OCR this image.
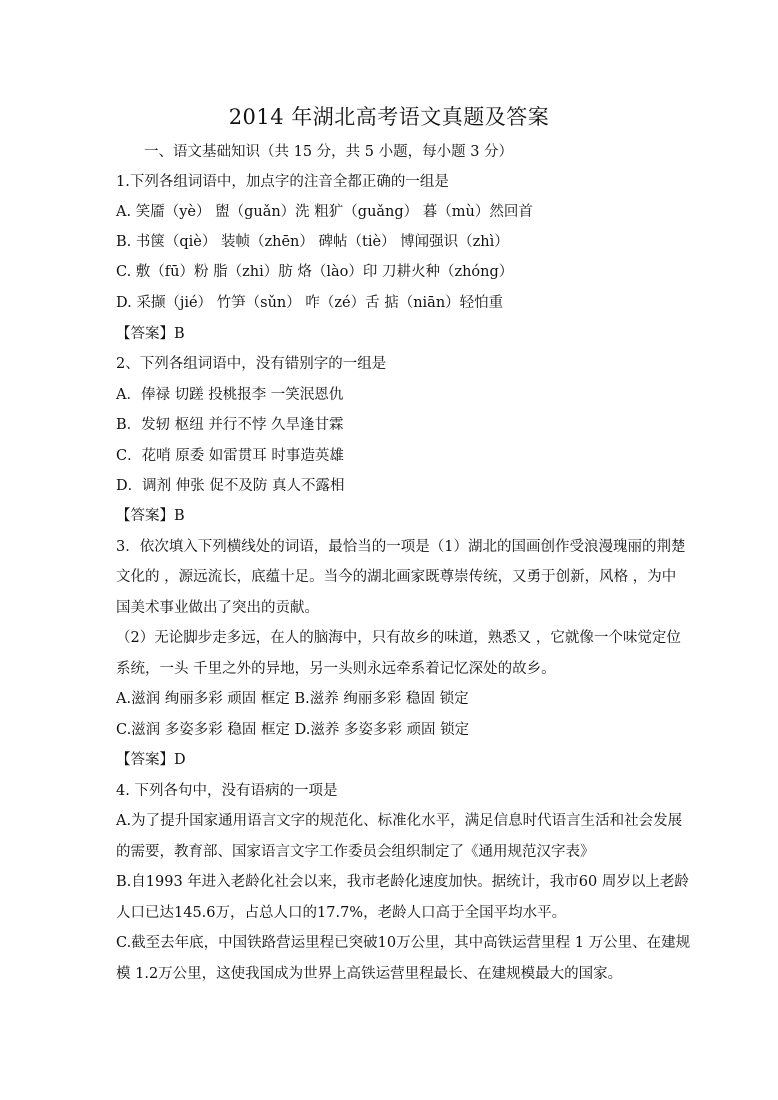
2014 年湖北高考语文真题及答案
一、语文基础知识（共 15 分，共 5 小题，每小题 3 分）
1.下列各组词语中，加点字的注音全都正确的一组是
A. 笑靥（yè） 盥（guǎn）洗 粗犷（guǎng） 暮（mù）然回首
B. 书箧（qiè） 装帧（zhēn） 碑帖（tiè） 博闻强识（zhì）
C. 敷（fū）粉 脂（zhi）肪 烙（lào）印 刀耕火种（zhóng）
D. 采撷（jié） 竹笋（sǔn） 咋（zé）舌 掂（niān）轻怕重
【答案】B
2、下列各组词语中，没有错别字的一组是
A．俸禄 切蹉 投桃报李 一笑泯恩仇
B．发轫 枢纽 并行不悖 久旱逢甘霖
C．花哨 原委 如雷贯耳 时事造英雄
D．调剂 伸张 促不及防 真人不露相
【答案】B
3．依次填入下列横线处的词语，最恰当的一项是（1）湖北的国画创作受浪漫瑰丽的荆楚
文化的 ，源远流长，底蕴十足。当今的湖北画家既尊崇传统，又勇于创新，风格 ，为中
国美术事业做出了突出的贡献。
（2）无论脚步走多远，在人的脑海中，只有故乡的味道，熟悉又 ，它就像一个味觉定位
系统，一头 千里之外的异地，另一头则永远牵系着记忆深处的故乡。
A.滋润 绚丽多彩 顽固 框定 B.滋养 绚丽多彩 稳固 锁定
C.滋润 多姿多彩 稳固 框定 D.滋养 多姿多彩 顽固 锁定
【答案】D
4. 下列各句中，没有语病的一项是
A.为了提升国家通用语言文字的规范化、标准化水平，满足信息时代语言生活和社会发展
的需要，教育部、国家语言文字工作委员会组织制定了《通用规范汉字表》
B.自1993 年进入老龄化社会以来，我市老龄化速度加快。据统计，我市60 周岁以上老龄
人口已达145.6万，占总人口的17.7%，老龄人口高于全国平均水平。
C.截至去年底，中国铁路营运里程已突破10万公里，其中高铁运营里程 1 万公里、在建规
模 1.2万公里，这使我国成为世界上高铁运营里程最长、在建规模最大的国家。
